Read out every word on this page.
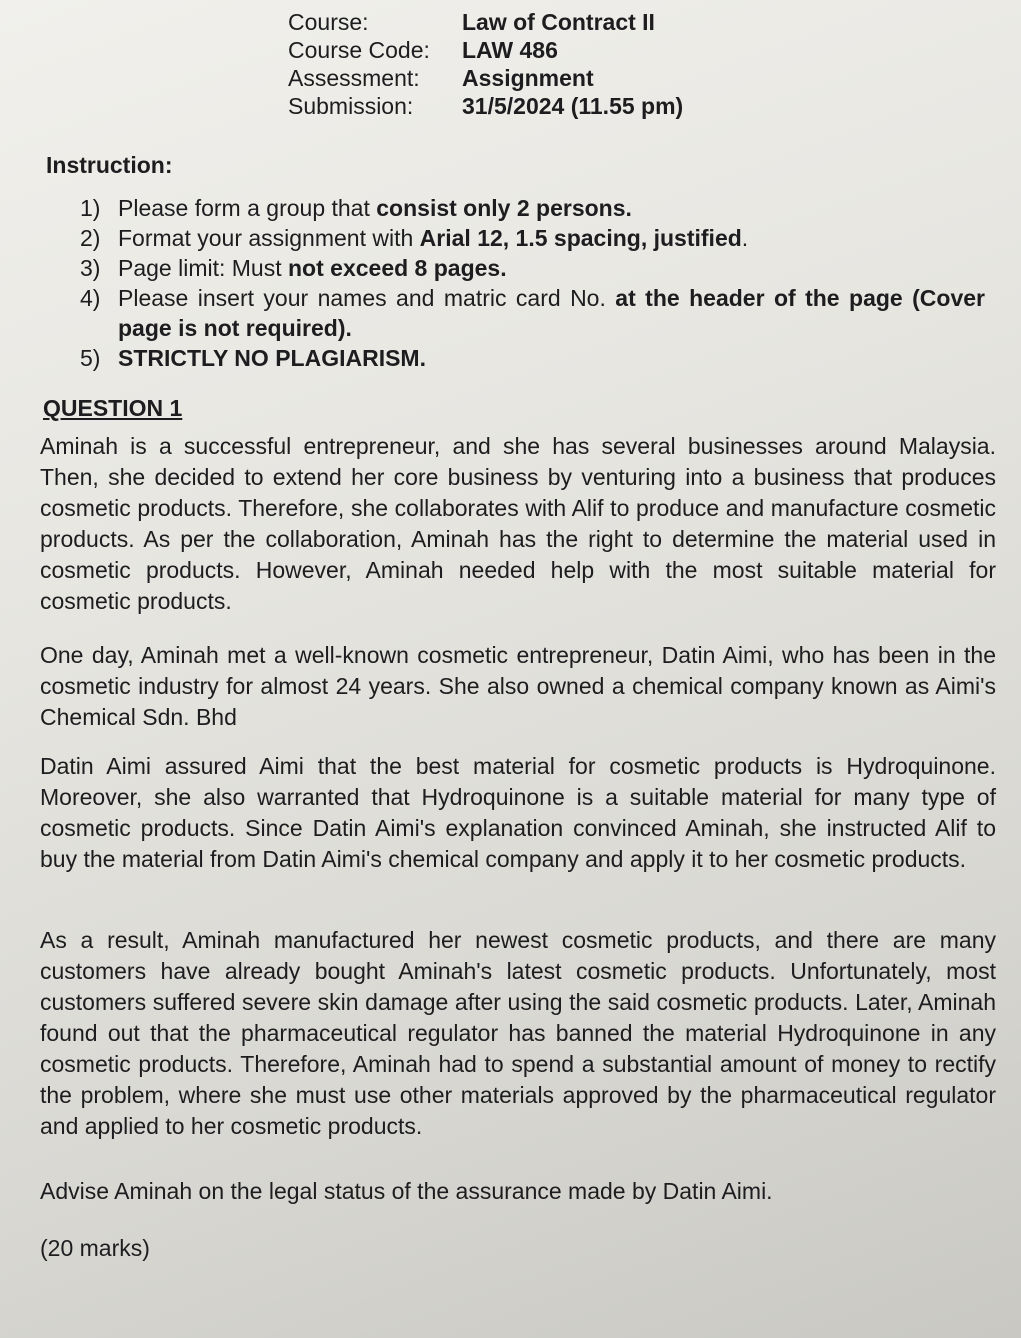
Course:	Law of Contract II
Course Code:	LAW 486
Assessment:	Assignment
Submission:	31/5/2024 (11.55 pm)
Instruction:
1) Please form a group that consist only 2 persons.
2) Format your assignment with Arial 12, 1.5 spacing, justified.
3) Page limit: Must not exceed 8 pages.
4) Please insert your names and matric card No. at the header of the page (Cover page is not required).
5) STRICTLY NO PLAGIARISM.
QUESTION 1

Aminah is a successful entrepreneur, and she has several businesses around Malaysia. Then, she decided to extend her core business by venturing into a business that produces cosmetic products. Therefore, she collaborates with Alif to produce and manufacture cosmetic products. As per the collaboration, Aminah has the right to determine the material used in cosmetic products. However, Aminah needed help with the most suitable material for cosmetic products.

One day, Aminah met a well-known cosmetic entrepreneur, Datin Aimi, who has been in the cosmetic industry for almost 24 years. She also owned a chemical company known as Aimi's Chemical Sdn. Bhd

Datin Aimi assured Aimi that the best material for cosmetic products is Hydroquinone. Moreover, she also warranted that Hydroquinone is a suitable material for many type of cosmetic products. Since Datin Aimi's explanation convinced Aminah, she instructed Alif to buy the material from Datin Aimi's chemical company and apply it to her cosmetic products.

As a result, Aminah manufactured her newest cosmetic products, and there are many customers have already bought Aminah's latest cosmetic products. Unfortunately, most customers suffered severe skin damage after using the said cosmetic products. Later, Aminah found out that the pharmaceutical regulator has banned the material Hydroquinone in any cosmetic products. Therefore, Aminah had to spend a substantial amount of money to rectify the problem, where she must use other materials approved by the pharmaceutical regulator and applied to her cosmetic products.

Advise Aminah on the legal status of the assurance made by Datin Aimi.

(20 marks)
